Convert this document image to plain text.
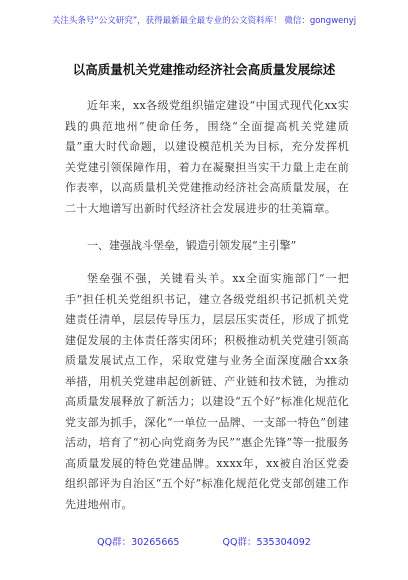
关注头条号“公文研究”，获得最新最全最专业的公文资料库！ 微信：gongwenyj
以高质量机关党建推动经济社会高质量发展综述

近年来，xx各级党组织锚定建设“中国式现代化xx实践的典范地州”使命任务，围绕“全面提高机关党建质量”重大时代命题，以建设模范机关为目标，充分发挥机关党建引领保障作用，着力在凝聚担当实干力量上走在前作表率，以高质量机关党建推动经济社会高质量发展，在二十大地谱写出新时代经济社会发展进步的壮美篇章。

一、建强战斗堡垒，锻造引领发展“主引擎”

堡垒强不强，关键看头羊。xx全面实施部门“一把手”担任机关党组织书记，建立各级党组织书记抓机关党建责任清单，层层传导压力，层层压实责任，形成了抓党建促发展的主体责任落实闭环；积极推动机关党建引领高质量发展试点工作，采取党建与业务全面深度融合xx条举措，用机关党建串起创新链、产业链和技术链，为推动高质量发展释放了新活力；以建设“五个好”标准化规范化党支部为抓手，深化“一单位一品牌、一支部一特色”创建活动，培育了“初心向党商务为民”“惠企先锋”等一批服务高质量发展的特色党建品牌。xxxx年，xx被自治区党委组织部评为自治区“五个好”标准化规范化党支部创建工作先进地州市。

QQ群：30265665	QQ群：535304092
